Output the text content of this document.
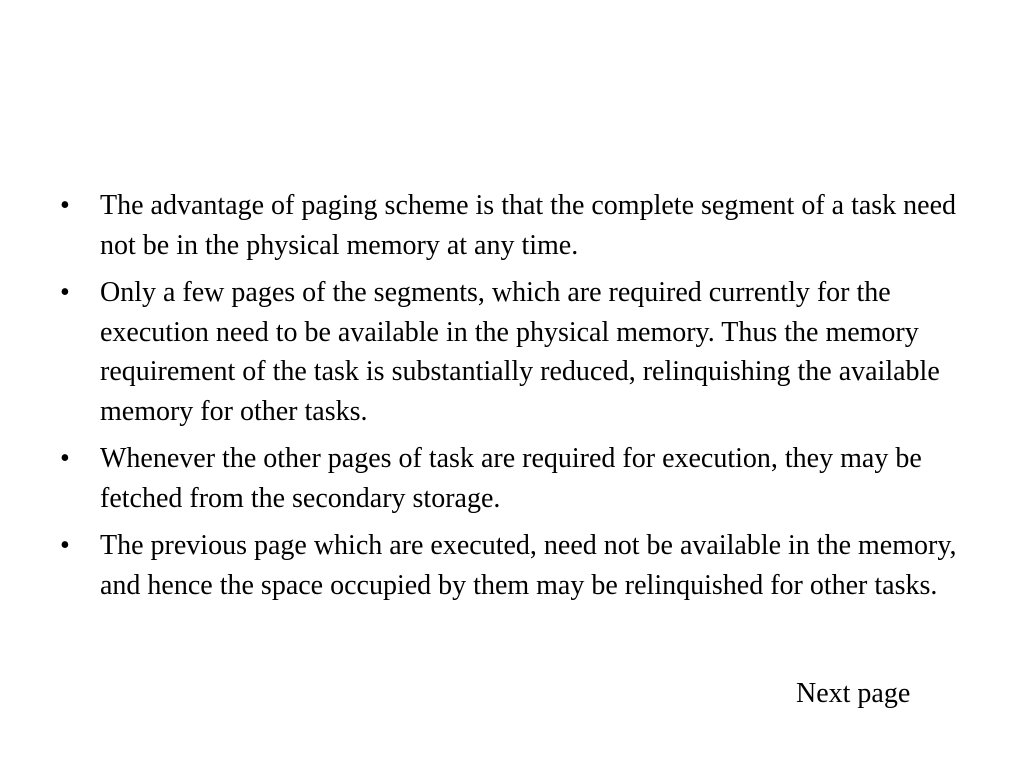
•	The advantage of paging scheme is that the complete segment of a task need not be in the physical memory at any time.
•	Only a few pages of the segments, which are required currently for the execution need to be available in the physical memory. Thus the memory requirement of the task is substantially reduced, relinquishing the available memory for other tasks.
•	Whenever the other pages of task are required for execution, they may be fetched from the secondary storage.
•	The previous page which are executed, need not be available in the memory, and hence the space occupied by them may be relinquished for other tasks.
Next page
